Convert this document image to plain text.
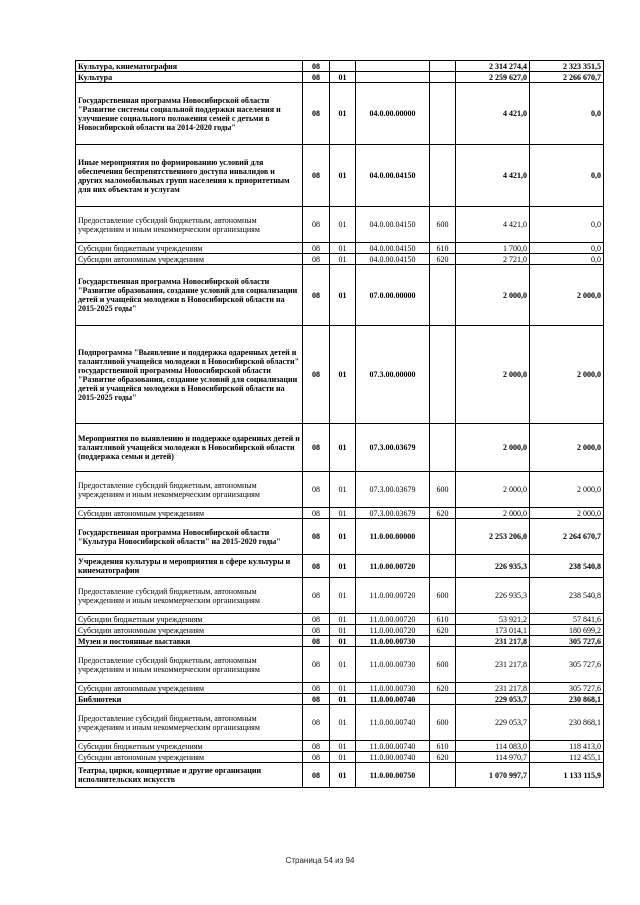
Культура, кинематография	08				2 314 274,4	2 323 351,5
Культура	08	01			2 259 627,0	2 266 670,7
Государственная программа Новосибирской области "Развитие системы социальной поддержки населения и улучшение социального положения семей с детьми в Новосибирской области на 2014-2020 годы"	08	01	04.0.00.00000		4 421,0	0,0
Иные мероприятия по формированию условий для обеспечения беспрепятственного доступа инвалидов и других маломобильных групп населения к приоритетным для них объектам и услугам	08	01	04.0.00.04150		4 421,0	0,0
Предоставление субсидий бюджетным, автономным учреждениям и иным некоммерческим организациям	08	01	04.0.00.04150	600	4 421,0	0,0
Субсидии бюджетным учреждениям	08	01	04.0.00.04150	610	1 700,0	0,0
Субсидии автономным учреждениям	08	01	04.0.00.04150	620	2 721,0	0,0
Государственная программа Новосибирской области "Развитие образования, создание условий для социализации детей и учащейся молодежи в Новосибирской области на 2015-2025 годы"	08	01	07.0.00.00000		2 000,0	2 000,0
Подпрограмма "Выявление и поддержка одаренных детей и талантливой учащейся молодежи в Новосибирской области" государственной программы Новосибирской области "Развитие образования, создание условий для социализации детей и учащейся молодежи в Новосибирской области на 2015-2025 годы"	08	01	07.3.00.00000		2 000,0	2 000,0
Мероприятия по выявлению и поддержке одаренных детей и талантливой учащейся молодежи в Новосибирской области (поддержка семьи и детей)	08	01	07.3.00.03679		2 000,0	2 000,0
Предоставление субсидий бюджетным, автономным учреждениям и иным некоммерческим организациям	08	01	07.3.00.03679	600	2 000,0	2 000,0
Субсидии автономным учреждениям	08	01	07.3.00.03679	620	2 000,0	2 000,0
Государственная программа Новосибирской области "Культура Новосибирской области" на 2015-2020 годы"	08	01	11.0.00.00000		2 253 206,0	2 264 670,7
Учреждения культуры и мероприятия в сфере культуры и кинематографии	08	01	11.0.00.00720		226 935,3	238 540,8
Предоставление субсидий бюджетным, автономным учреждениям и иным некоммерческим организациям	08	01	11.0.00.00720	600	226 935,3	238 540,8
Субсидии бюджетным учреждениям	08	01	11.0.00.00720	610	53 921,2	57 841,6
Субсидии автономным учреждениям	08	01	11.0.00.00720	620	173 014,1	180 699,2
Музеи и постоянные выставки	08	01	11.0.00.00730		231 217,8	305 727,6
Предоставление субсидий бюджетным, автономным учреждениям и иным некоммерческим организациям	08	01	11.0.00.00730	600	231 217,8	305 727,6
Субсидии автономным учреждениям	08	01	11.0.00.00730	620	231 217,8	305 727,6
Библиотеки	08	01	11.0.00.00740		229 053,7	230 868,1
Предоставление субсидий бюджетным, автономным учреждениям и иным некоммерческим организациям	08	01	11.0.00.00740	600	229 053,7	230 868,1
Субсидии бюджетным учреждениям	08	01	11.0.00.00740	610	114 083,0	118 413,0
Субсидии автономным учреждениям	08	01	11.0.00.00740	620	114 970,7	112 455,1
Театры, цирки, концертные и другие организации исполнительских искусств	08	01	11.0.00.00750		1 070 997,7	1 133 115,9
Страница 54 из 94
